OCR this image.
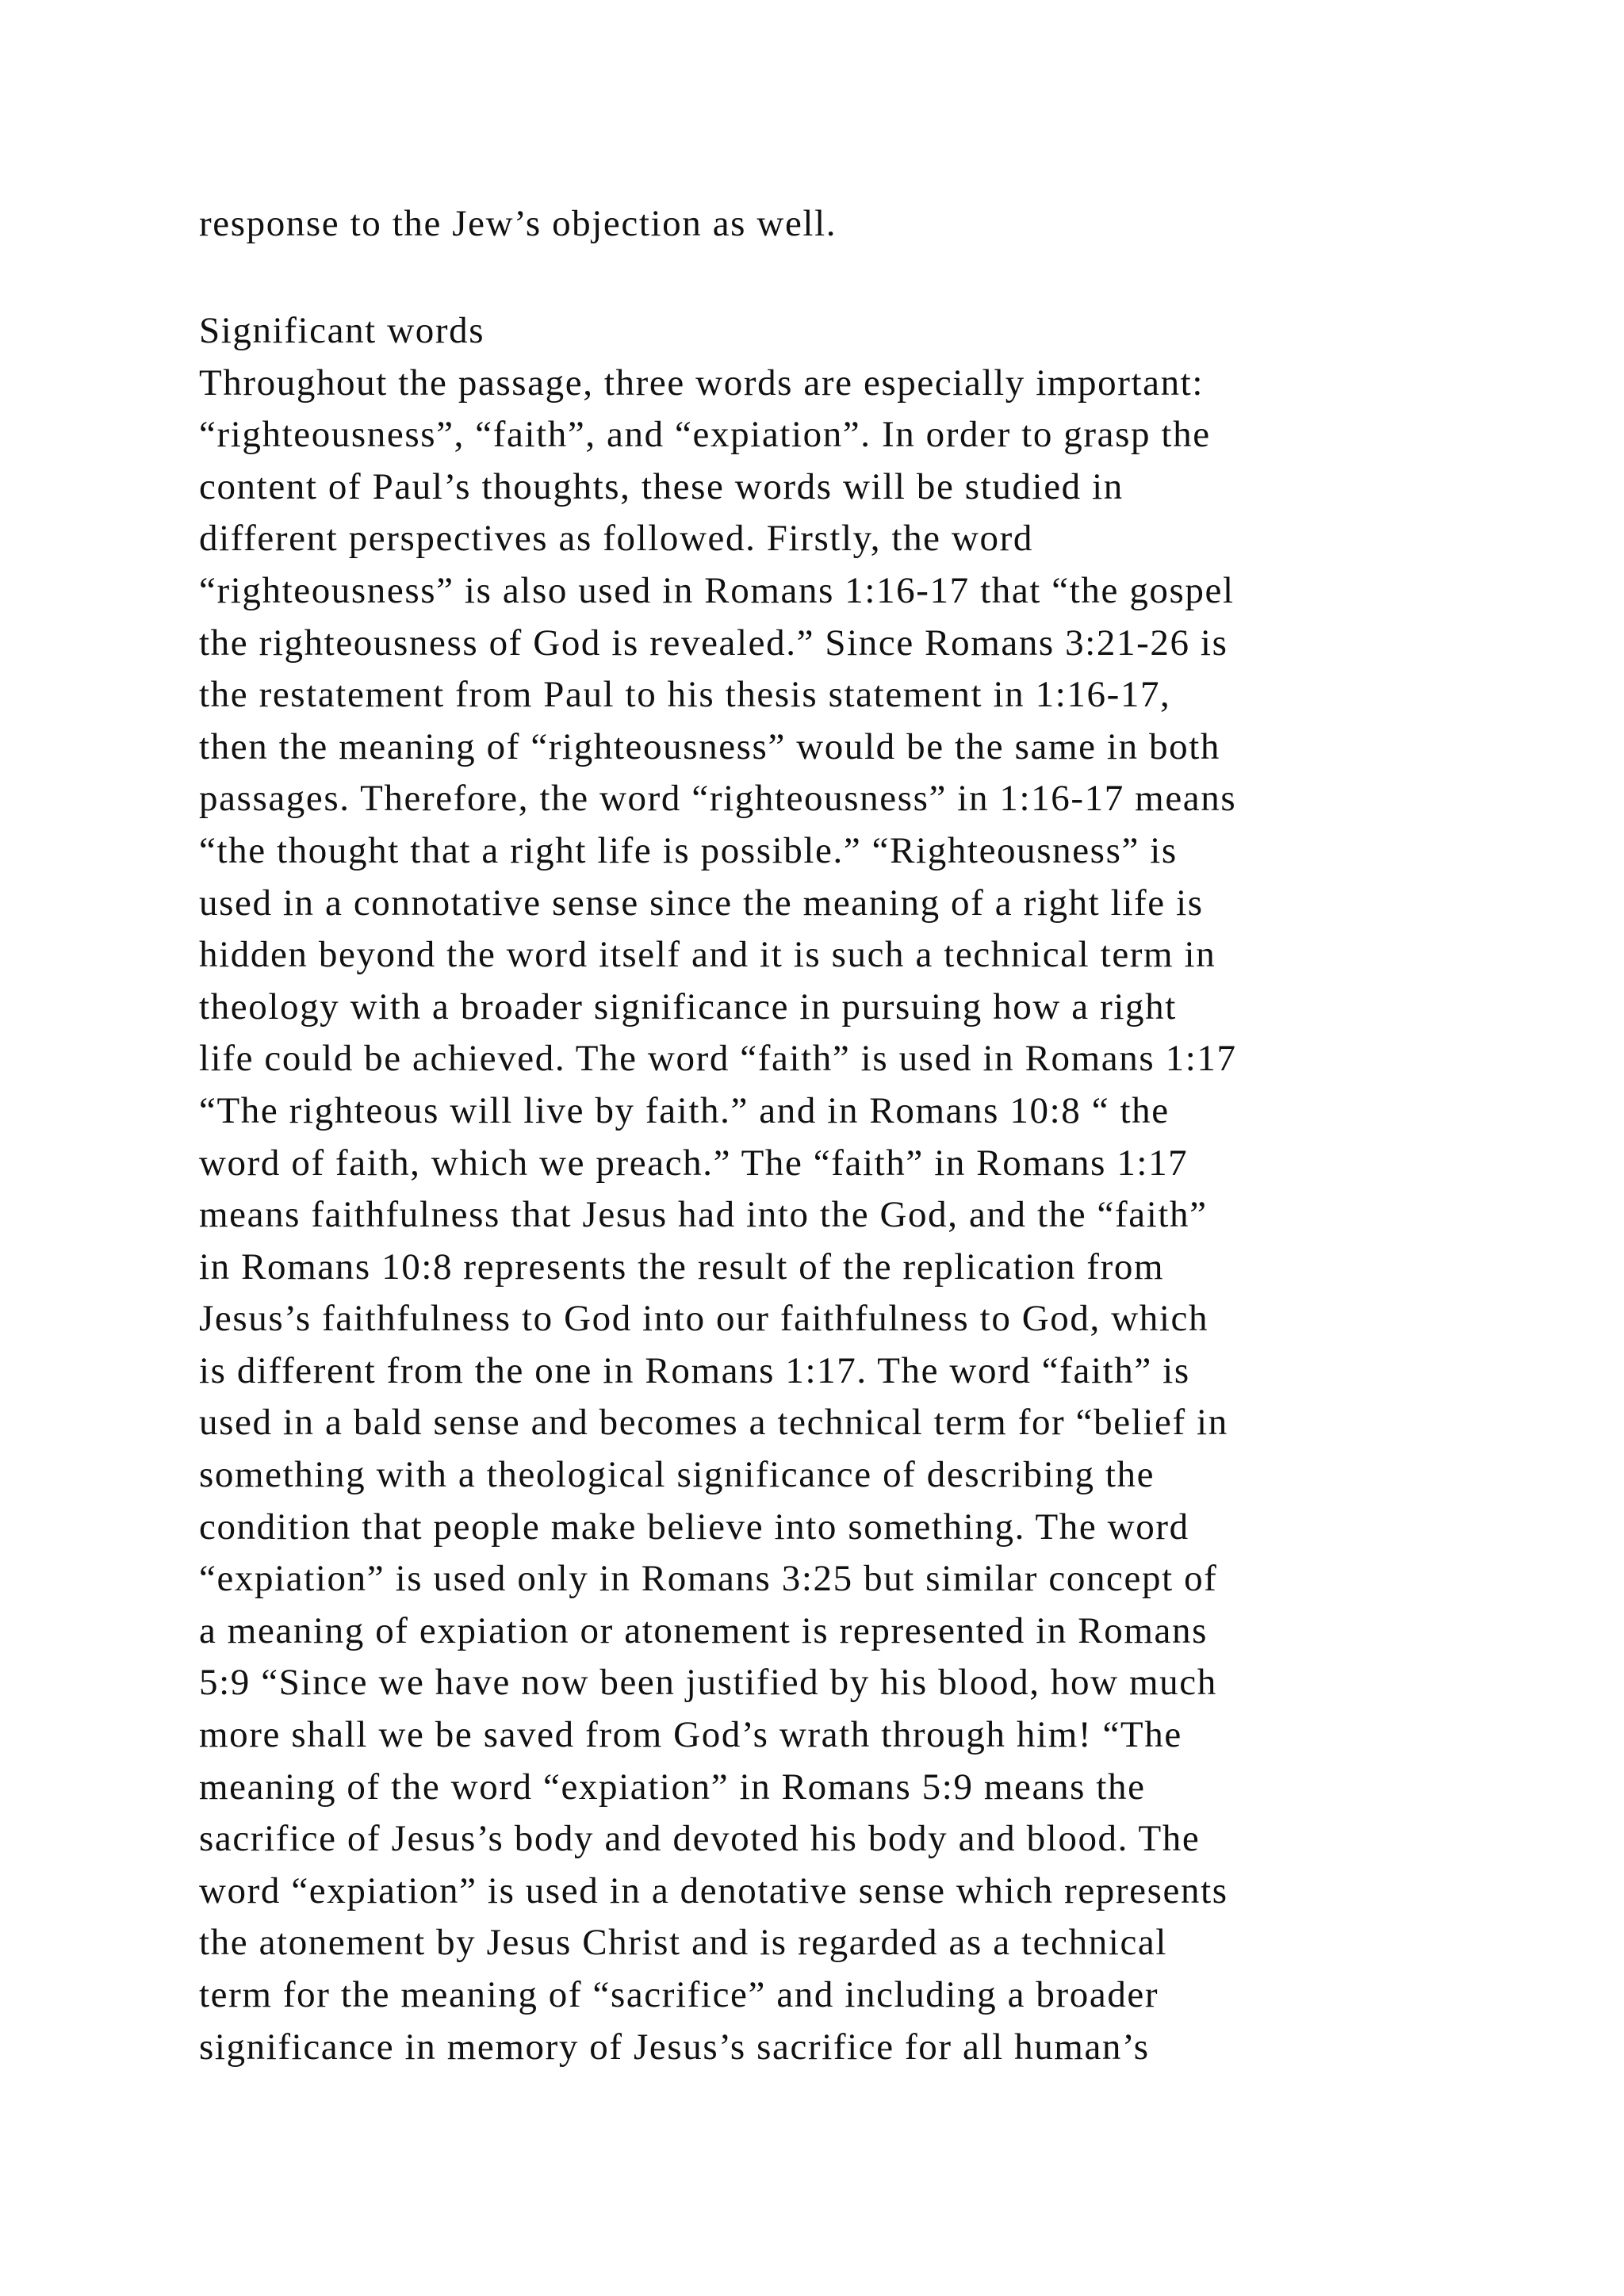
response to the Jew’s objection as well.
Significant words
Throughout the passage, three words are especially important:
“righteousness”, “faith”, and “expiation”. In order to grasp the
content of Paul’s thoughts, these words will be studied in
different perspectives as followed. Firstly, the word
“righteousness” is also used in Romans 1:16-17 that “the gospel
the righteousness of God is revealed.” Since Romans 3:21-26 is
the restatement from Paul to his thesis statement in 1:16-17,
then the meaning of “righteousness” would be the same in both
passages. Therefore, the word “righteousness” in 1:16-17 means
“the thought that a right life is possible.” “Righteousness” is
used in a connotative sense since the meaning of a right life is
hidden beyond the word itself and it is such a technical term in
theology with a broader significance in pursuing how a right
life could be achieved. The word “faith” is used in Romans 1:17
“The righteous will live by faith.” and in Romans 10:8 “ the
word of faith, which we preach.” The “faith” in Romans 1:17
means faithfulness that Jesus had into the God, and the “faith”
in Romans 10:8 represents the result of the replication from
Jesus’s faithfulness to God into our faithfulness to God, which
is different from the one in Romans 1:17. The word “faith” is
used in a bald sense and becomes a technical term for “belief in
something with a theological significance of describing the
condition that people make believe into something. The word
“expiation” is used only in Romans 3:25 but similar concept of
a meaning of expiation or atonement is represented in Romans
5:9 “Since we have now been justified by his blood, how much
more shall we be saved from God’s wrath through him! “The
meaning of the word “expiation” in Romans 5:9 means the
sacrifice of Jesus’s body and devoted his body and blood. The
word “expiation” is used in a denotative sense which represents
the atonement by Jesus Christ and is regarded as a technical
term for the meaning of “sacrifice” and including a broader
significance in memory of Jesus’s sacrifice for all human’s
